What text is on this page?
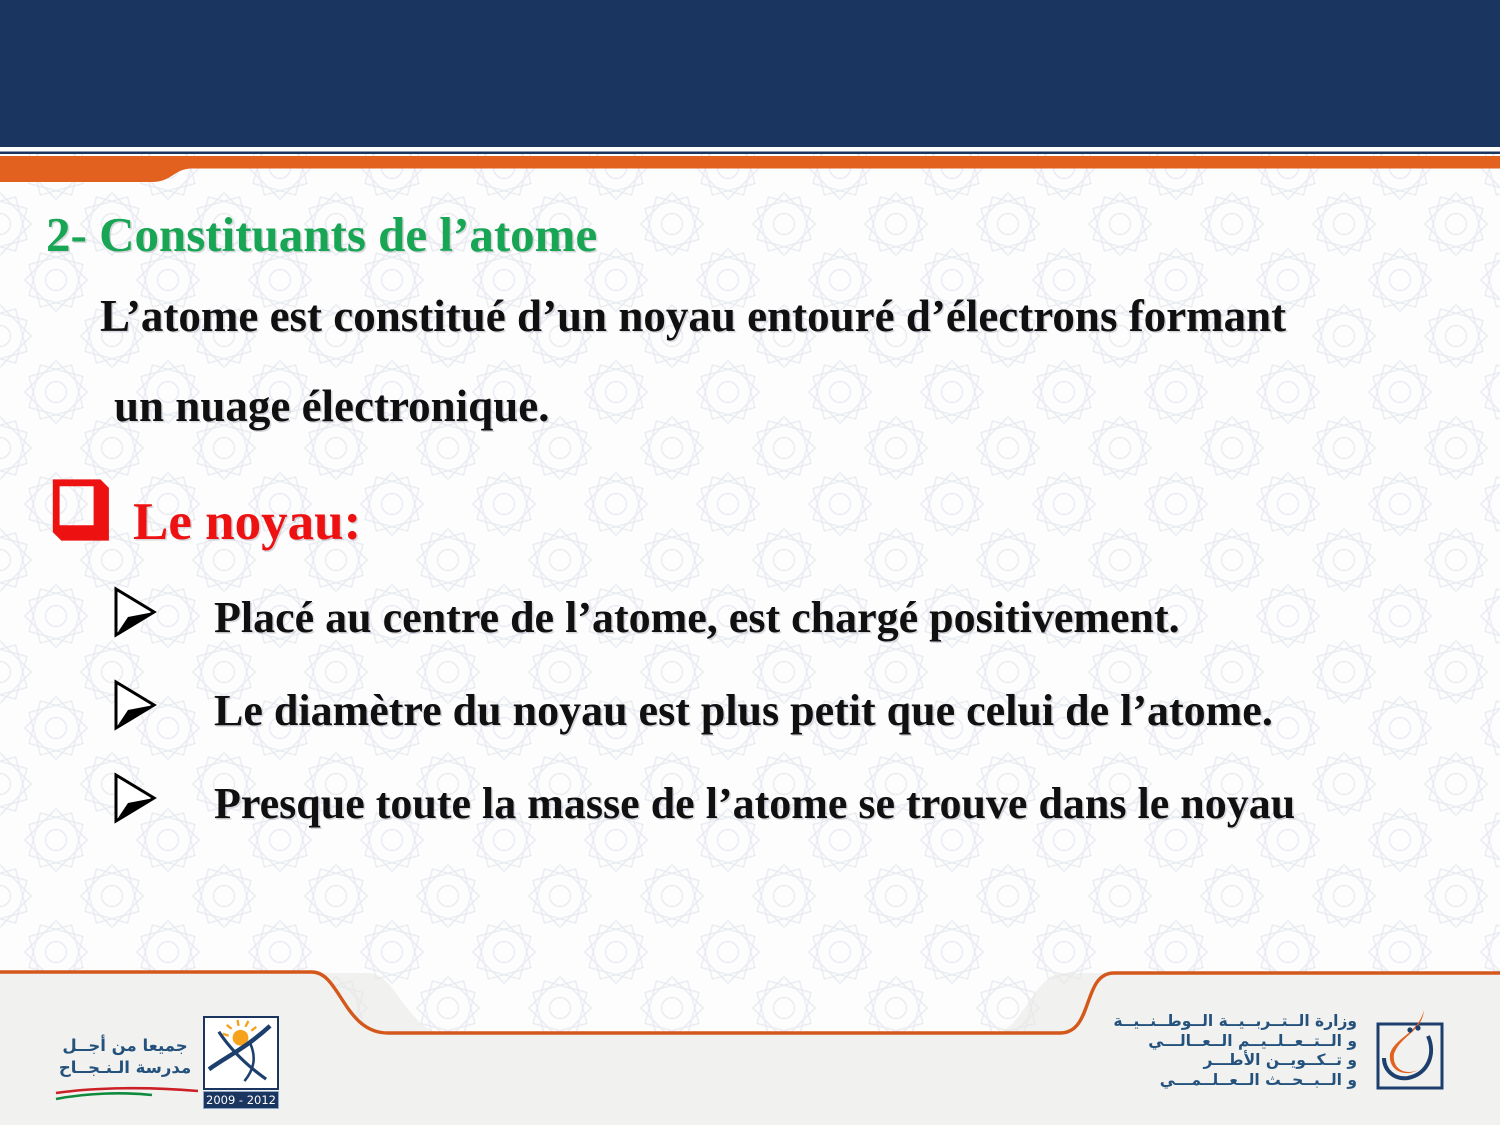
2- Constituants de l’atome
L’atome est constitué d’un noyau entouré d’électrons formant
un nuage électronique.
Le noyau:
Placé au centre de l’atome, est chargé positivement.
Le diamètre du noyau est plus petit que celui de l’atome.
Presque toute la masse de l’atome se trouve dans le noyau
جميعا من أجــل
مدرسة الـنـجــاح
2009 - 2012
وزارة الــتــربــيــة الــوطــنــيــة
و الــتــعــلــيــم الــعــالـــي
و تــكــويــن الأطـــر
و الــبــحــث الــعــلــمـــي
